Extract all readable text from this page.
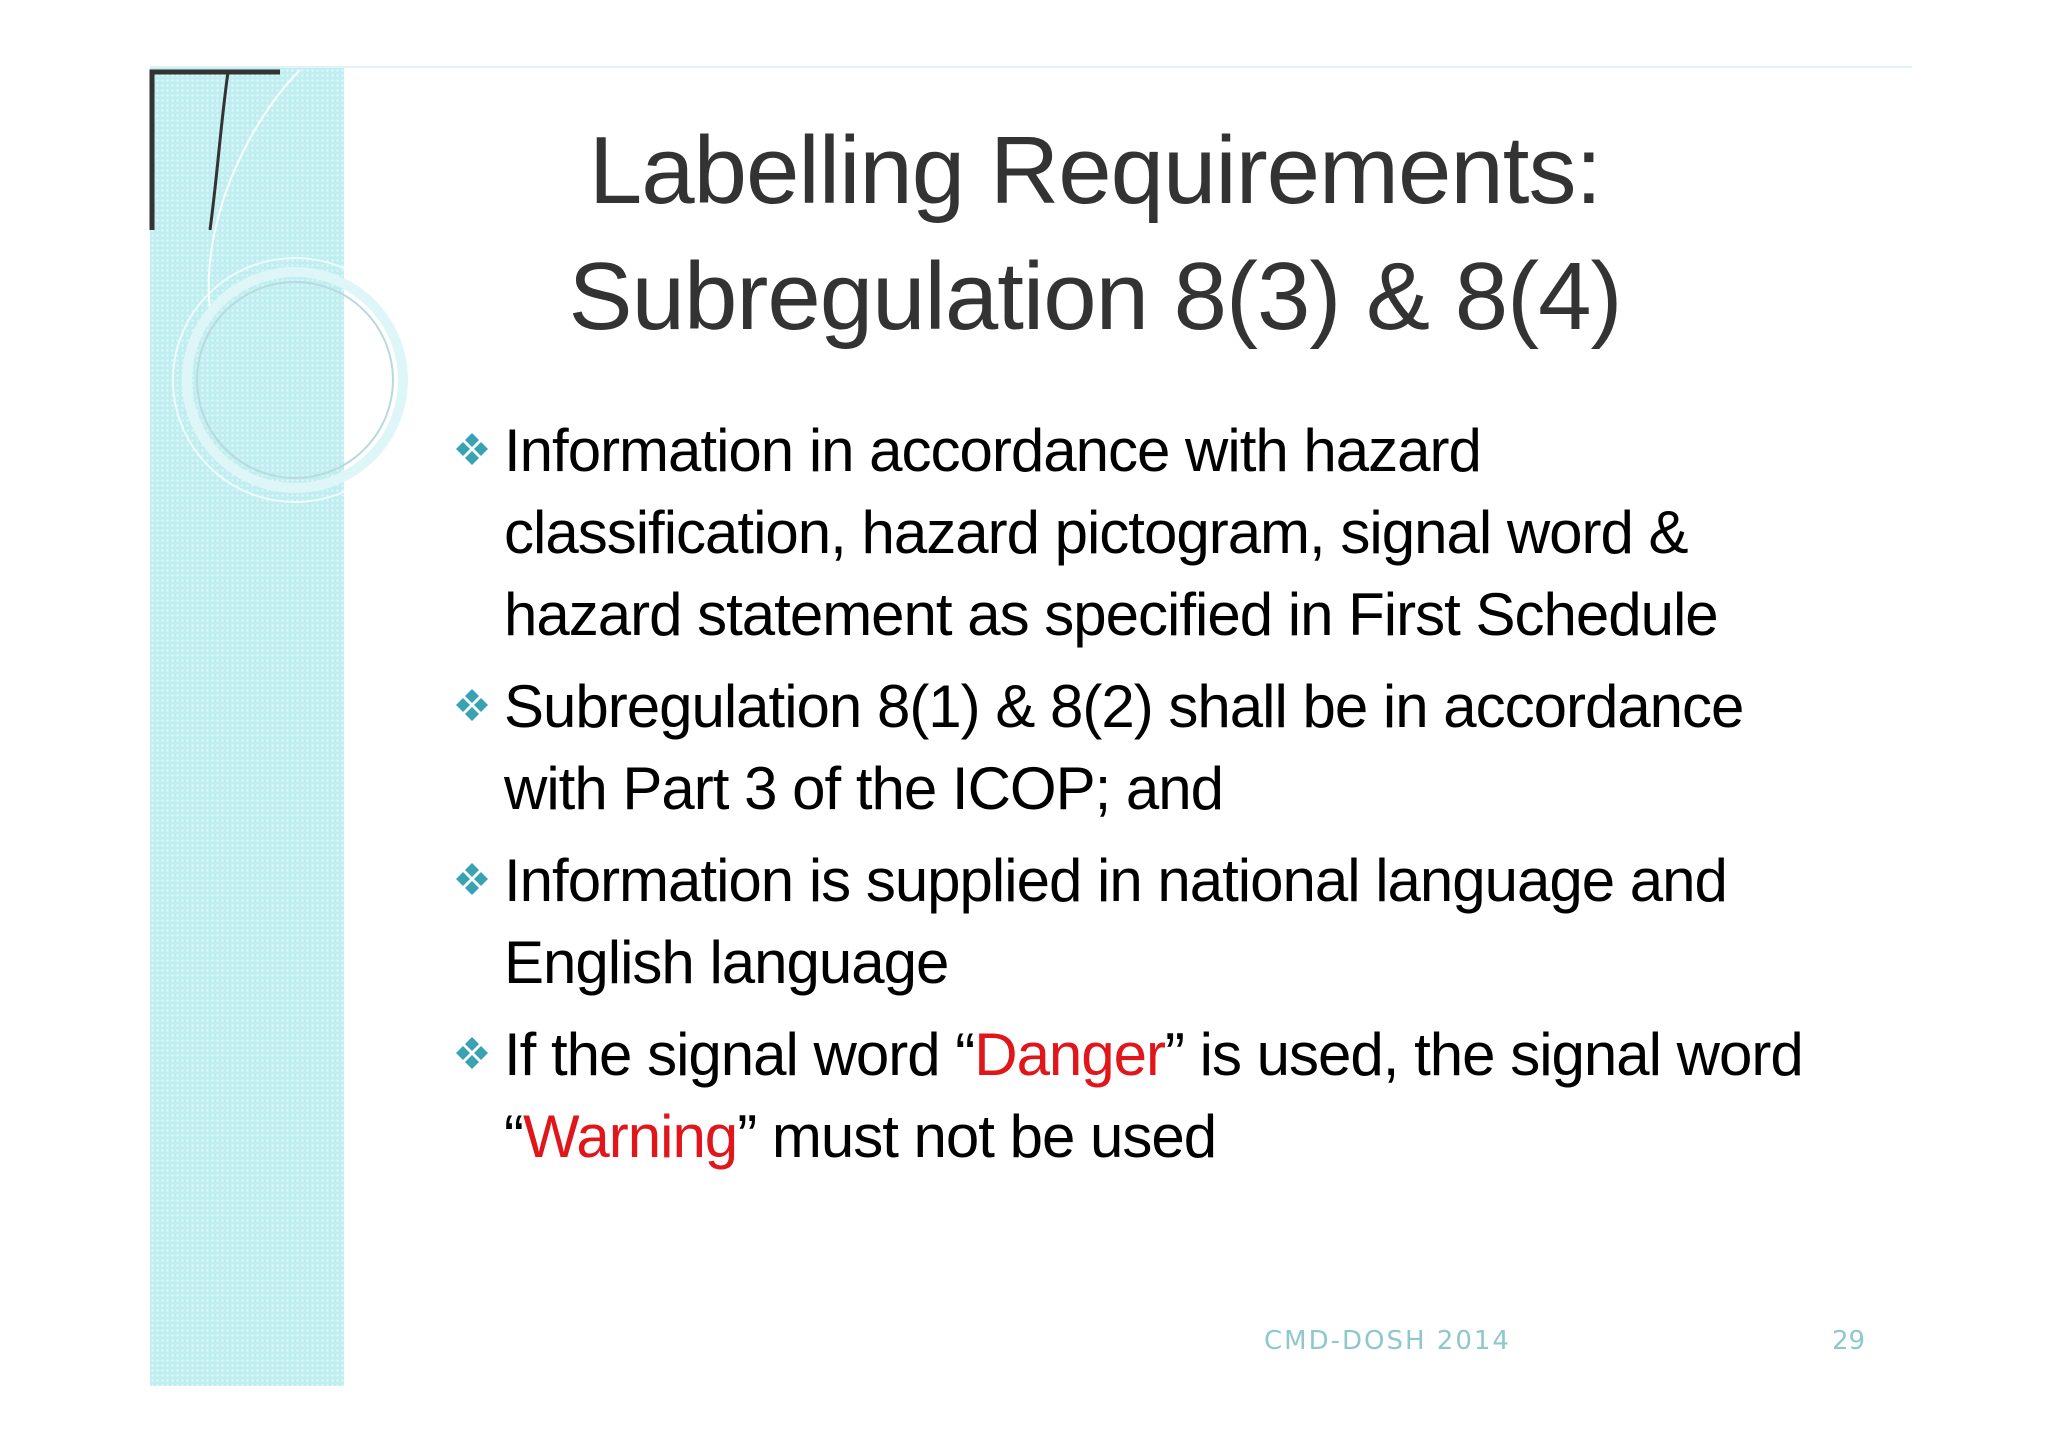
Labelling Requirements:
Subregulation 8(3) & 8(4)
Information in accordance with hazard classification, hazard pictogram, signal word & hazard statement as specified in First Schedule
Subregulation 8(1) & 8(2) shall be in accordance with Part 3 of the ICOP; and
Information is supplied in national language and English language
If the signal word “Danger” is used, the signal word “Warning” must not be used
CMD-DOSH 2014	29
